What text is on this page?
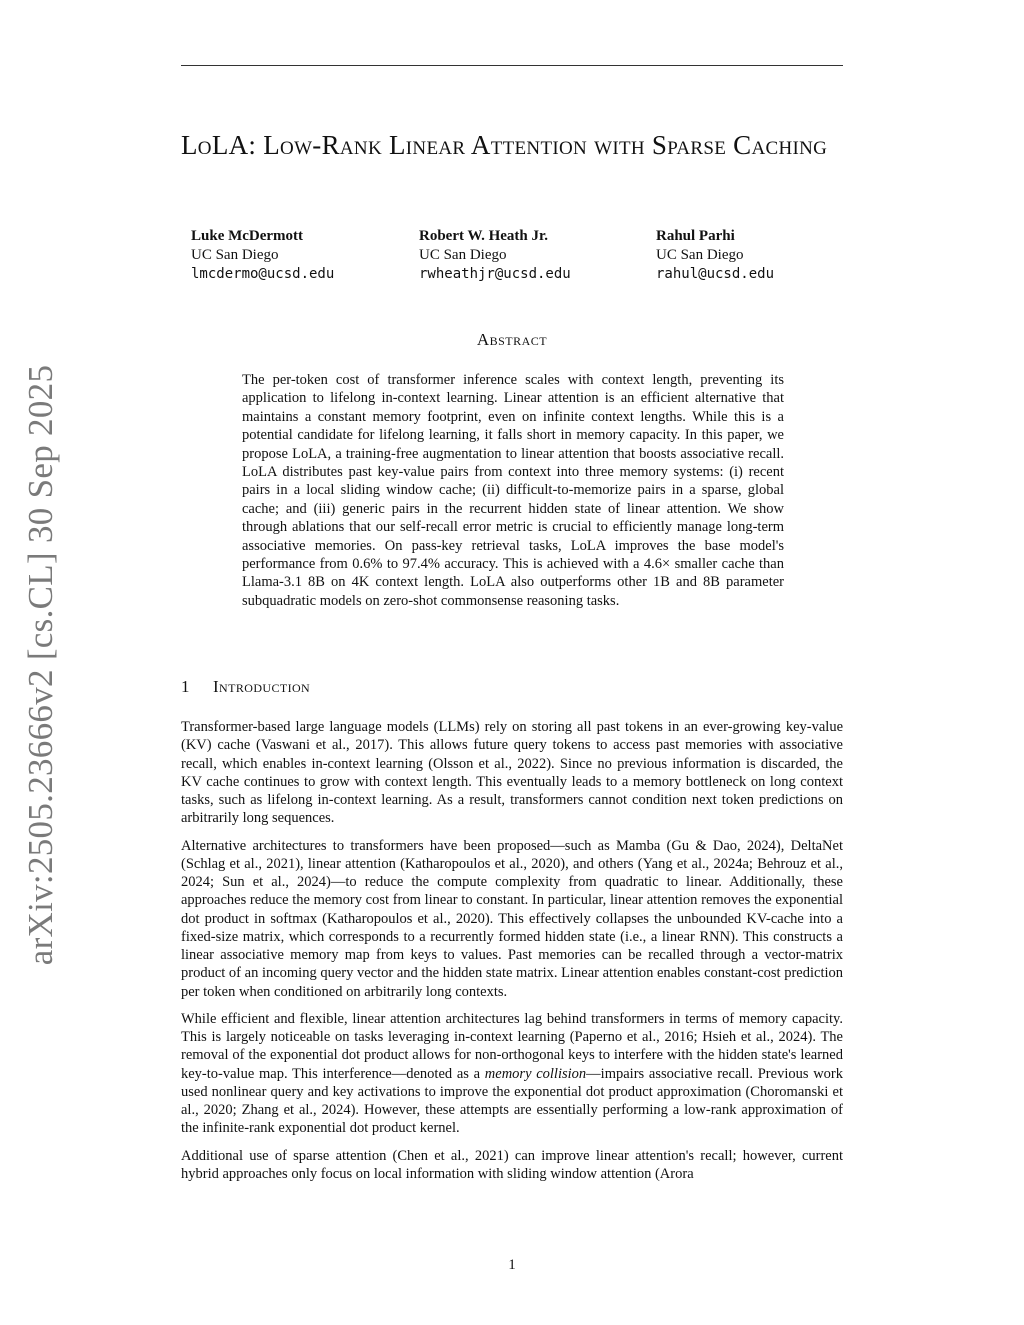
arXiv:2505.23666v2 [cs.CL] 30 Sep 2025
LoLA: Low-Rank Linear Attention with Sparse Caching
Luke McDermott
UC San Diego
lmcdermo@ucsd.edu
Robert W. Heath Jr.
UC San Diego
rwheathjr@ucsd.edu
Rahul Parhi
UC San Diego
rahul@ucsd.edu
Abstract

The per-token cost of transformer inference scales with context length, preventing its application to lifelong in-context learning. Linear attention is an efficient alternative that maintains a constant memory footprint, even on infinite context lengths. While this is a potential candidate for lifelong learning, it falls short in memory capacity. In this paper, we propose LoLA, a training-free augmentation to linear attention that boosts associative recall. LoLA distributes past key-value pairs from context into three memory systems: (i) recent pairs in a local sliding window cache; (ii) difficult-to-memorize pairs in a sparse, global cache; and (iii) generic pairs in the recurrent hidden state of linear attention. We show through ablations that our self-recall error metric is crucial to efficiently manage long-term associative memories. On pass-key retrieval tasks, LoLA improves the base model's performance from 0.6% to 97.4% accuracy. This is achieved with a 4.6× smaller cache than Llama-3.1 8B on 4K context length. LoLA also outperforms other 1B and 8B parameter subquadratic models on zero-shot commonsense reasoning tasks.

1 Introduction

Transformer-based large language models (LLMs) rely on storing all past tokens in an ever-growing key-value (KV) cache (Vaswani et al., 2017). This allows future query tokens to access past memories with associative recall, which enables in-context learning (Olsson et al., 2022). Since no previous information is discarded, the KV cache continues to grow with context length. This eventually leads to a memory bottleneck on long context tasks, such as lifelong in-context learning. As a result, transformers cannot condition next token predictions on arbitrarily long sequences.

Alternative architectures to transformers have been proposed—such as Mamba (Gu & Dao, 2024), DeltaNet (Schlag et al., 2021), linear attention (Katharopoulos et al., 2020), and others (Yang et al., 2024a; Behrouz et al., 2024; Sun et al., 2024)—to reduce the compute complexity from quadratic to linear. Additionally, these approaches reduce the memory cost from linear to constant. In particular, linear attention removes the exponential dot product in softmax (Katharopoulos et al., 2020). This effectively collapses the unbounded KV-cache into a fixed-size matrix, which corresponds to a recurrently formed hidden state (i.e., a linear RNN). This constructs a linear associative memory map from keys to values. Past memories can be recalled through a vector-matrix product of an incoming query vector and the hidden state matrix. Linear attention enables constant-cost prediction per token when conditioned on arbitrarily long contexts.

While efficient and flexible, linear attention architectures lag behind transformers in terms of memory capacity. This is largely noticeable on tasks leveraging in-context learning (Paperno et al., 2016; Hsieh et al., 2024). The removal of the exponential dot product allows for non-orthogonal keys to interfere with the hidden state's learned key-to-value map. This interference—denoted as a memory collision—impairs associative recall. Previous work used nonlinear query and key activations to improve the exponential dot product approximation (Choromanski et al., 2020; Zhang et al., 2024). However, these attempts are essentially performing a low-rank approximation of the infinite-rank exponential dot product kernel.

Additional use of sparse attention (Chen et al., 2021) can improve linear attention's recall; however, current hybrid approaches only focus on local information with sliding window attention (Arora

1
